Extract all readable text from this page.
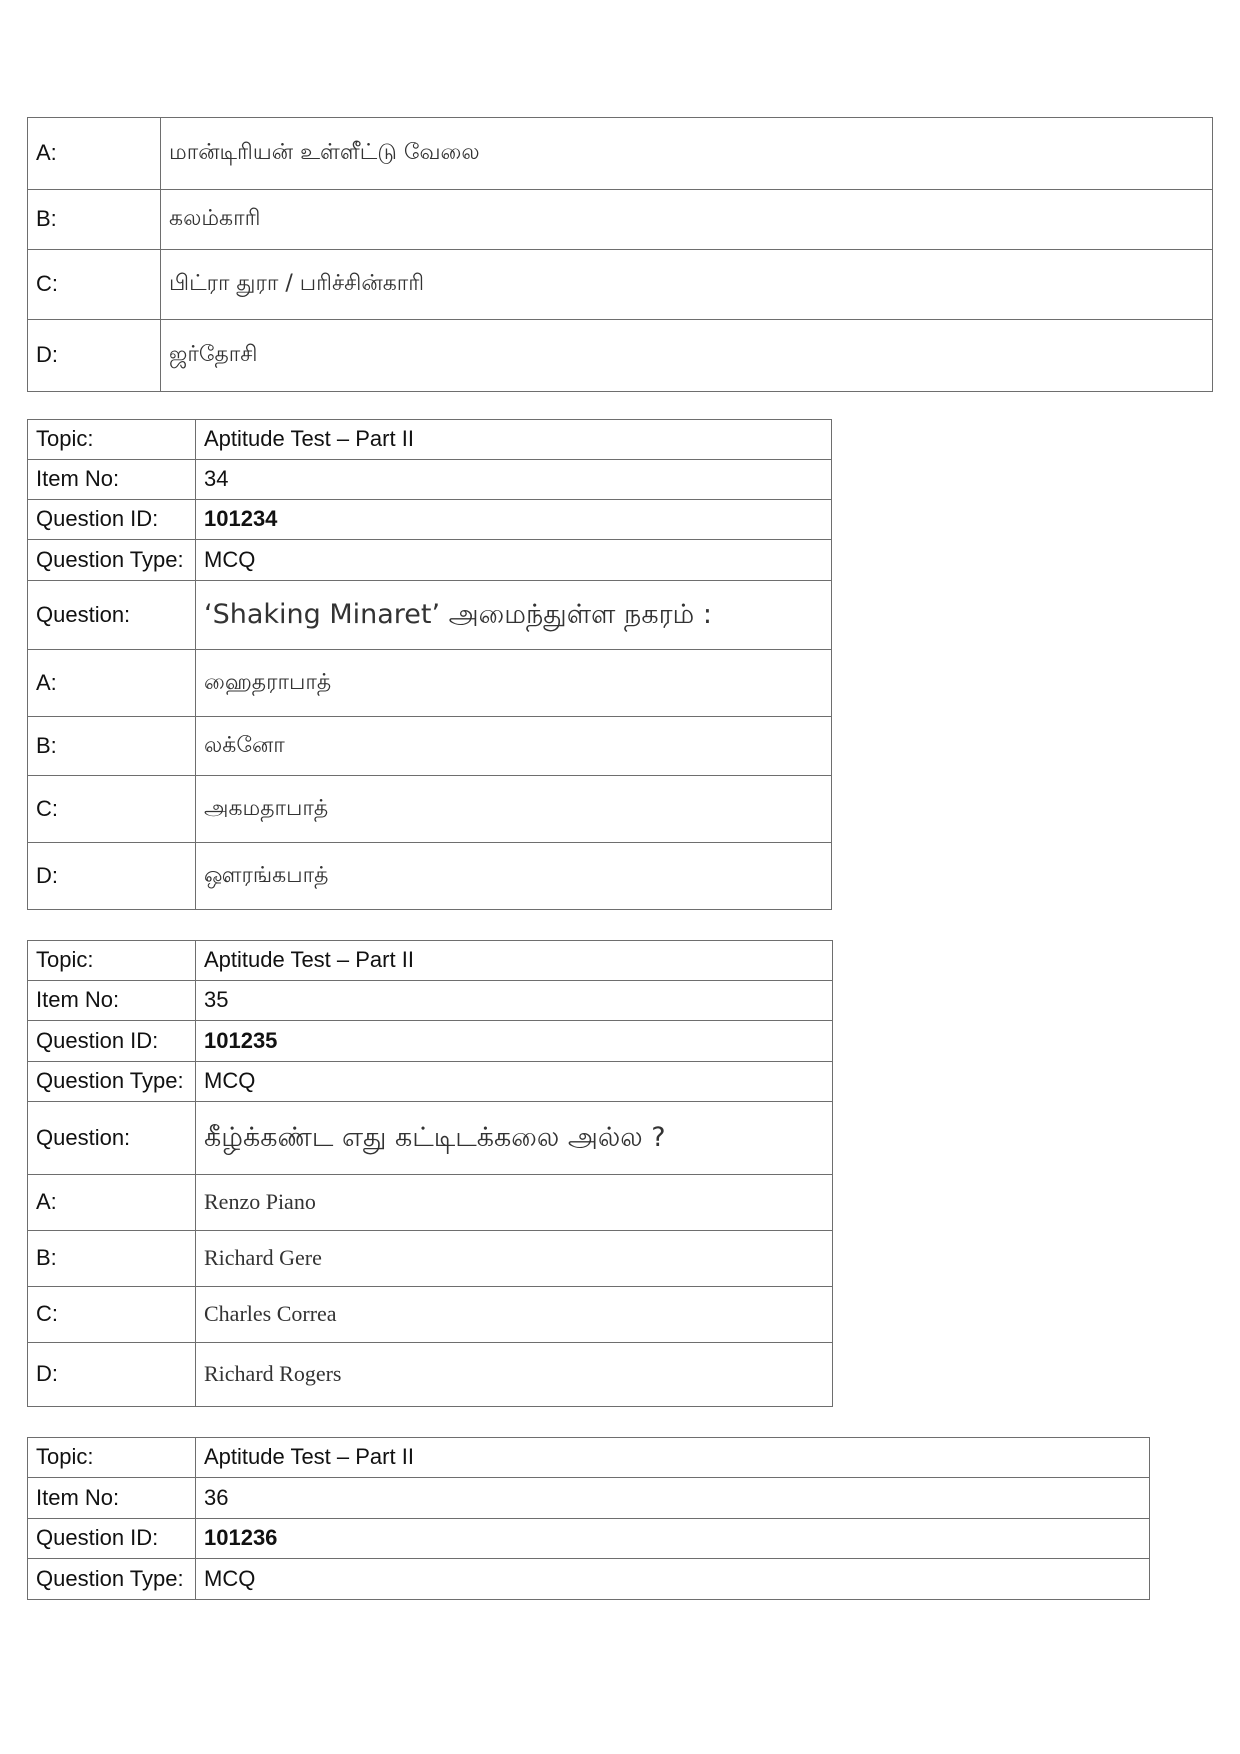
A:	மான்டிரியன் உள்ளீட்டு வேலை
B:	கலம்காரி
C:	பிட்ரா துரா / பரிச்சின்காரி
D:	ஜர்தோசி
Topic:	Aptitude Test – Part II
Item No:	34
Question ID:	101234
Question Type:	MCQ
Question:	‘Shaking Minaret’ அமைந்துள்ள நகரம் :
A:	ஹைதராபாத்
B:	லக்னோ
C:	அகமதாபாத்
D:	ஔரங்கபாத்
Topic:	Aptitude Test – Part II
Item No:	35
Question ID:	101235
Question Type:	MCQ
Question:	கீழ்க்கண்ட எது கட்டிடக்கலை அல்ல ?
A:	Renzo Piano
B:	Richard Gere
C:	Charles Correa
D:	Richard Rogers
Topic:	Aptitude Test – Part II
Item No:	36
Question ID:	101236
Question Type:	MCQ
